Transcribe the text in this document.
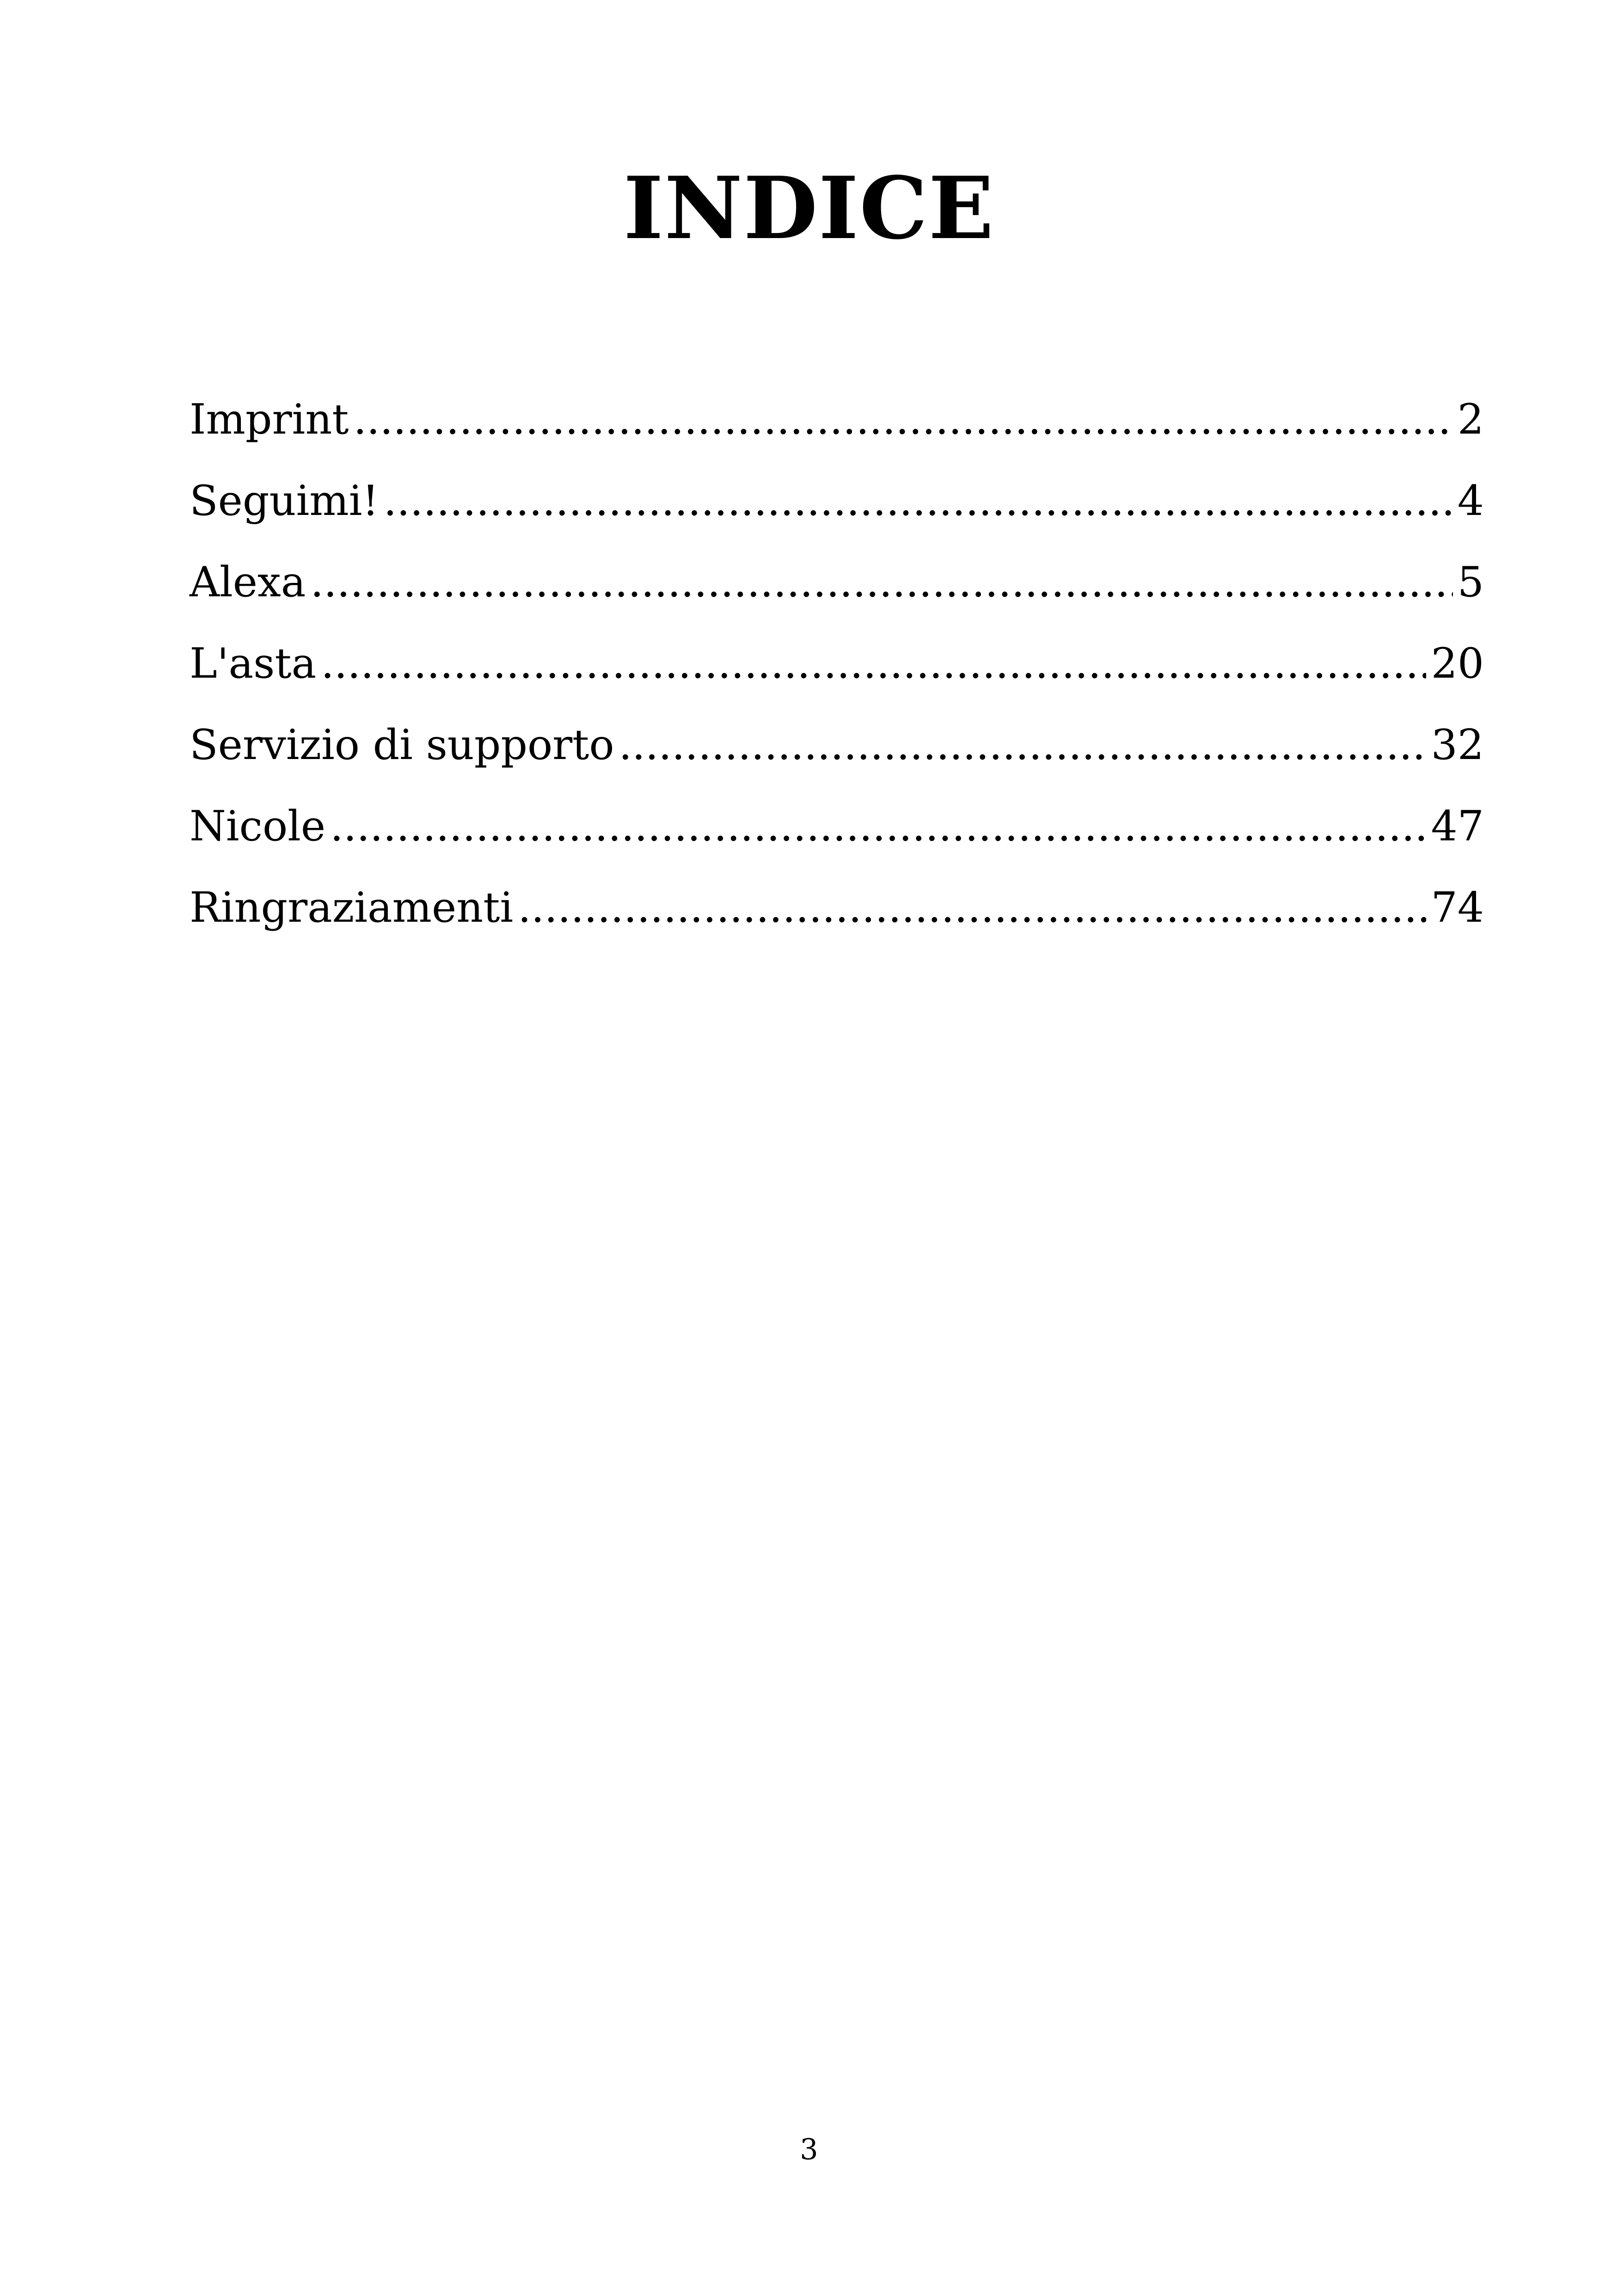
INDICE
Imprint .....	2
Seguimi! .....	4
Alexa .....	5
L'asta .....	20
Servizio di supporto .....	32
Nicole .....	47
Ringraziamenti .....	74
3
